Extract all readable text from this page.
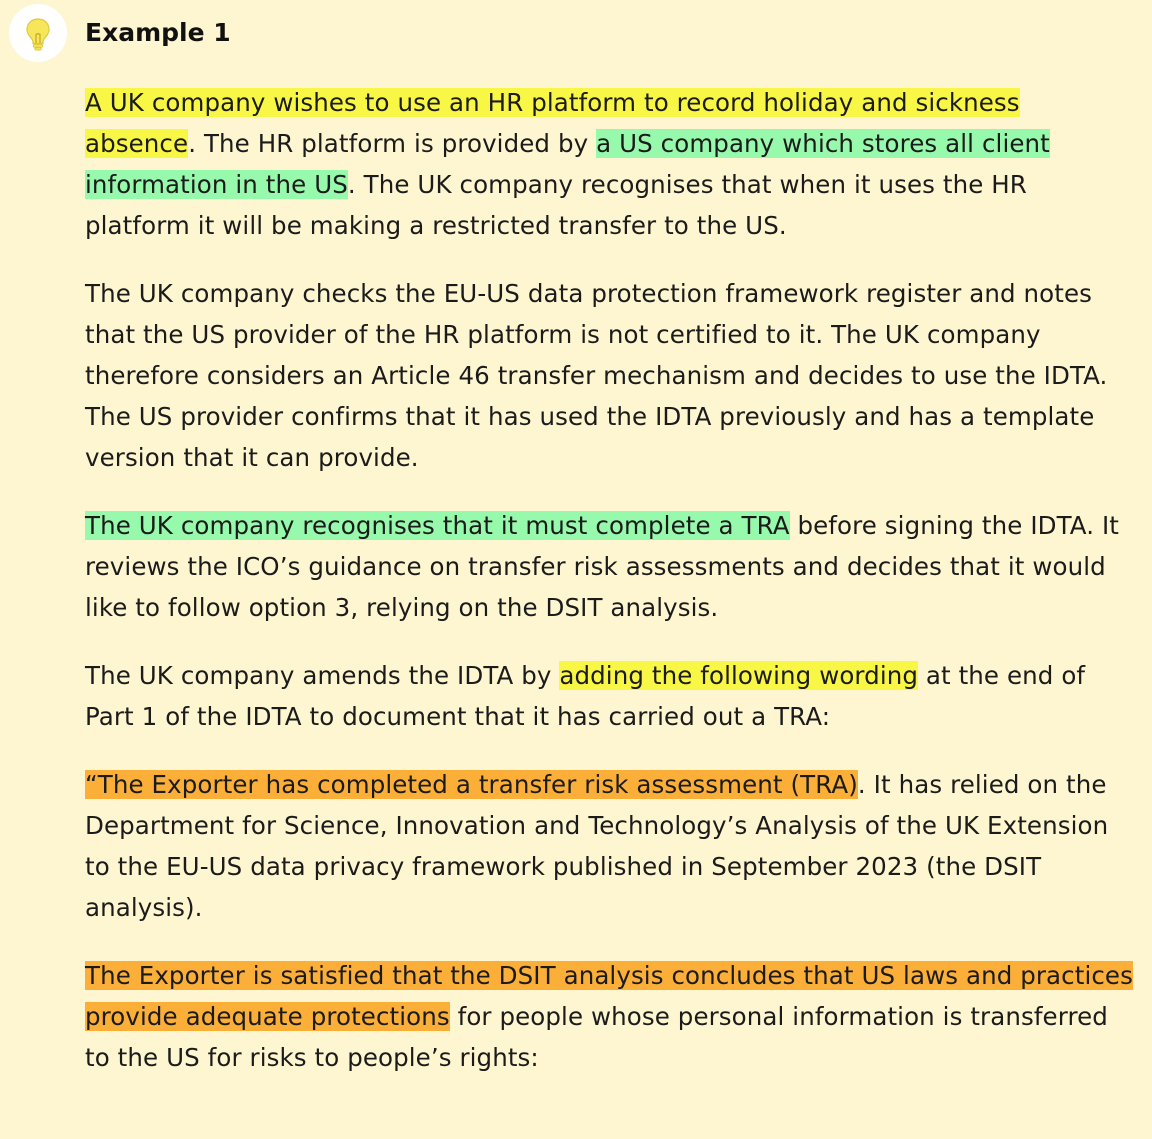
Example 1

A UK company wishes to use an HR platform to record holiday and sickness absence. The HR platform is provided by a US company which stores all client information in the US. The UK company recognises that when it uses the HR platform it will be making a restricted transfer to the US.

The UK company checks the EU-US data protection framework register and notes that the US provider of the HR platform is not certified to it. The UK company therefore considers an Article 46 transfer mechanism and decides to use the IDTA. The US provider confirms that it has used the IDTA previously and has a template version that it can provide.

The UK company recognises that it must complete a TRA before signing the IDTA. It reviews the ICO’s guidance on transfer risk assessments and decides that it would like to follow option 3, relying on the DSIT analysis.

The UK company amends the IDTA by adding the following wording at the end of Part 1 of the IDTA to document that it has carried out a TRA:

“The Exporter has completed a transfer risk assessment (TRA). It has relied on the Department for Science, Innovation and Technology’s Analysis of the UK Extension to the EU-US data privacy framework published in September 2023 (the DSIT analysis).

The Exporter is satisfied that the DSIT analysis concludes that US laws and practices provide adequate protections for people whose personal information is transferred to the US for risks to people’s rights:
